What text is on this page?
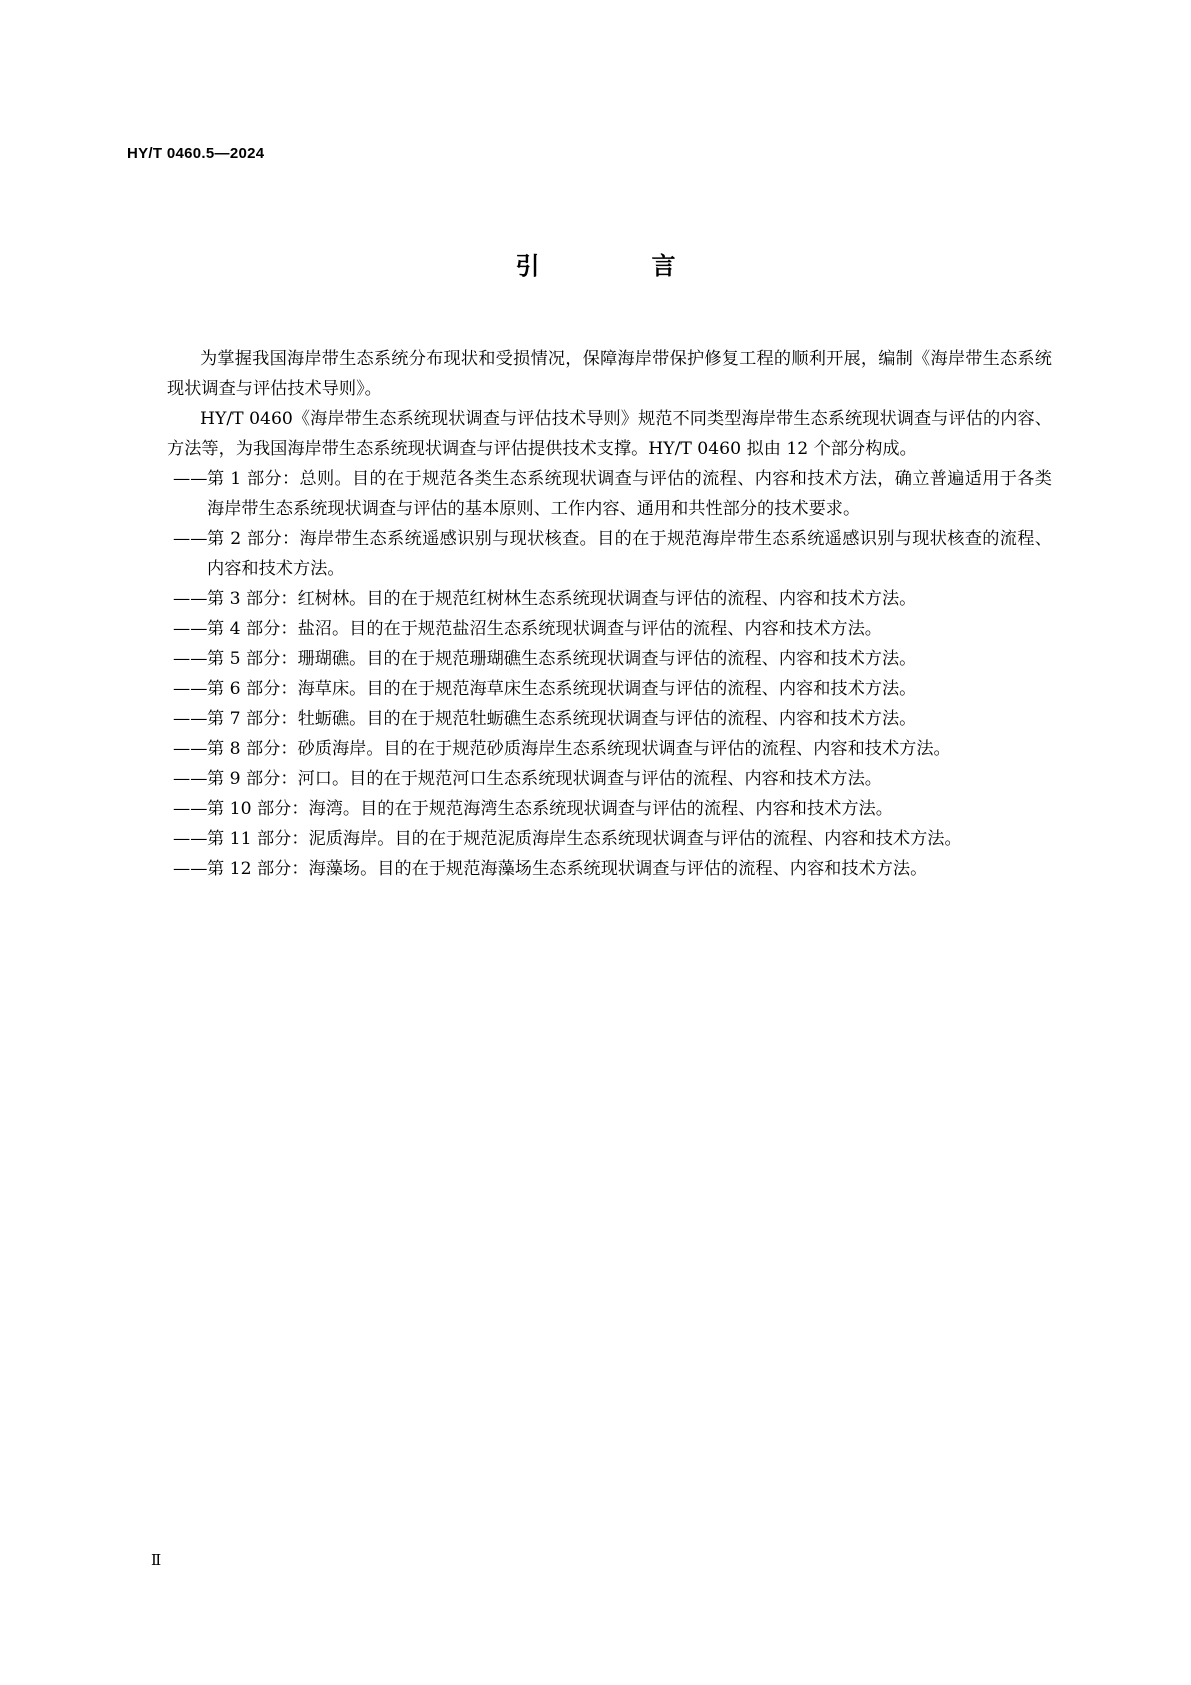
HY/T 0460.5—2024
引　言

为掌握我国海岸带生态系统分布现状和受损情况，保障海岸带保护修复工程的顺利开展，编制《海岸带生态系统现状调查与评估技术导则》。

HY/T 0460《海岸带生态系统现状调查与评估技术导则》规范不同类型海岸带生态系统现状调查与评估的内容、方法等，为我国海岸带生态系统现状调查与评估提供技术支撑。HY/T 0460 拟由 12 个部分构成。

—— 第 1 部分：总则。目的在于规范各类生态系统现状调查与评估的流程、内容和技术方法，确立普遍适用于各类海岸带生态系统现状调查与评估的基本原则、工作内容、通用和共性部分的技术要求。
—— 第 2 部分：海岸带生态系统遥感识别与现状核查。目的在于规范海岸带生态系统遥感识别与现状核查的流程、内容和技术方法。
—— 第 3 部分：红树林。目的在于规范红树林生态系统现状调查与评估的流程、内容和技术方法。
—— 第 4 部分：盐沼。目的在于规范盐沼生态系统现状调查与评估的流程、内容和技术方法。
—— 第 5 部分：珊瑚礁。目的在于规范珊瑚礁生态系统现状调查与评估的流程、内容和技术方法。
—— 第 6 部分：海草床。目的在于规范海草床生态系统现状调查与评估的流程、内容和技术方法。
—— 第 7 部分：牡蛎礁。目的在于规范牡蛎礁生态系统现状调查与评估的流程、内容和技术方法。
—— 第 8 部分：砂质海岸。目的在于规范砂质海岸生态系统现状调查与评估的流程、内容和技术方法。
—— 第 9 部分：河口。目的在于规范河口生态系统现状调查与评估的流程、内容和技术方法。
—— 第 10 部分：海湾。目的在于规范海湾生态系统现状调查与评估的流程、内容和技术方法。
—— 第 11 部分：泥质海岸。目的在于规范泥质海岸生态系统现状调查与评估的流程、内容和技术方法。
—— 第 12 部分：海藻场。目的在于规范海藻场生态系统现状调查与评估的流程、内容和技术方法。
Ⅱ
